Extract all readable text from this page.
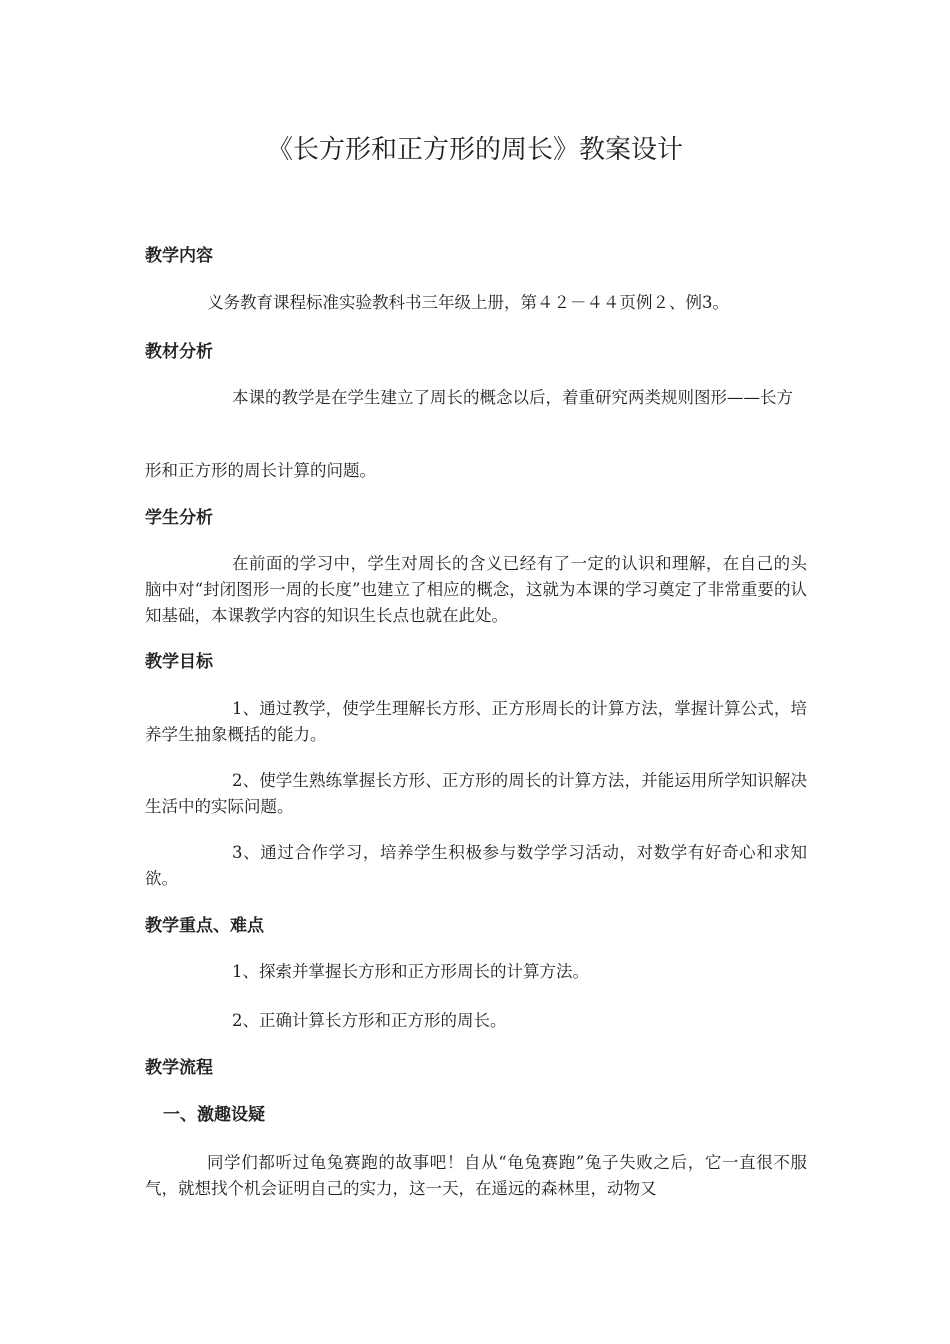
《长方形和正方形的周长》教案设计
教学内容
义务教育课程标准实验教科书三年级上册，第４２－４４页例２、例3。
教材分析
本课的教学是在学生建立了周长的概念以后，着重研究两类规则图形——长方
形和正方形的周长计算的问题。
学生分析
在前面的学习中，学生对周长的含义已经有了一定的认识和理解，在自己的头脑中对“封闭图形一周的长度”也建立了相应的概念，这就为本课的学习奠定了非常重要的认知基础，本课教学内容的知识生长点也就在此处。
教学目标
1、通过教学，使学生理解长方形、正方形周长的计算方法，掌握计算公式，培养学生抽象概括的能力。
2、使学生熟练掌握长方形、正方形的周长的计算方法，并能运用所学知识解决生活中的实际问题。
3、通过合作学习，培养学生积极参与数学学习活动，对数学有好奇心和求知欲。
教学重点、难点
1、探索并掌握长方形和正方形周长的计算方法。
2、正确计算长方形和正方形的周长。
教学流程
一、激趣设疑
同学们都听过龟兔赛跑的故事吧！自从“龟兔赛跑”兔子失败之后，它一直很不服气，就想找个机会证明自己的实力，这一天，在遥远的森林里，动物又
